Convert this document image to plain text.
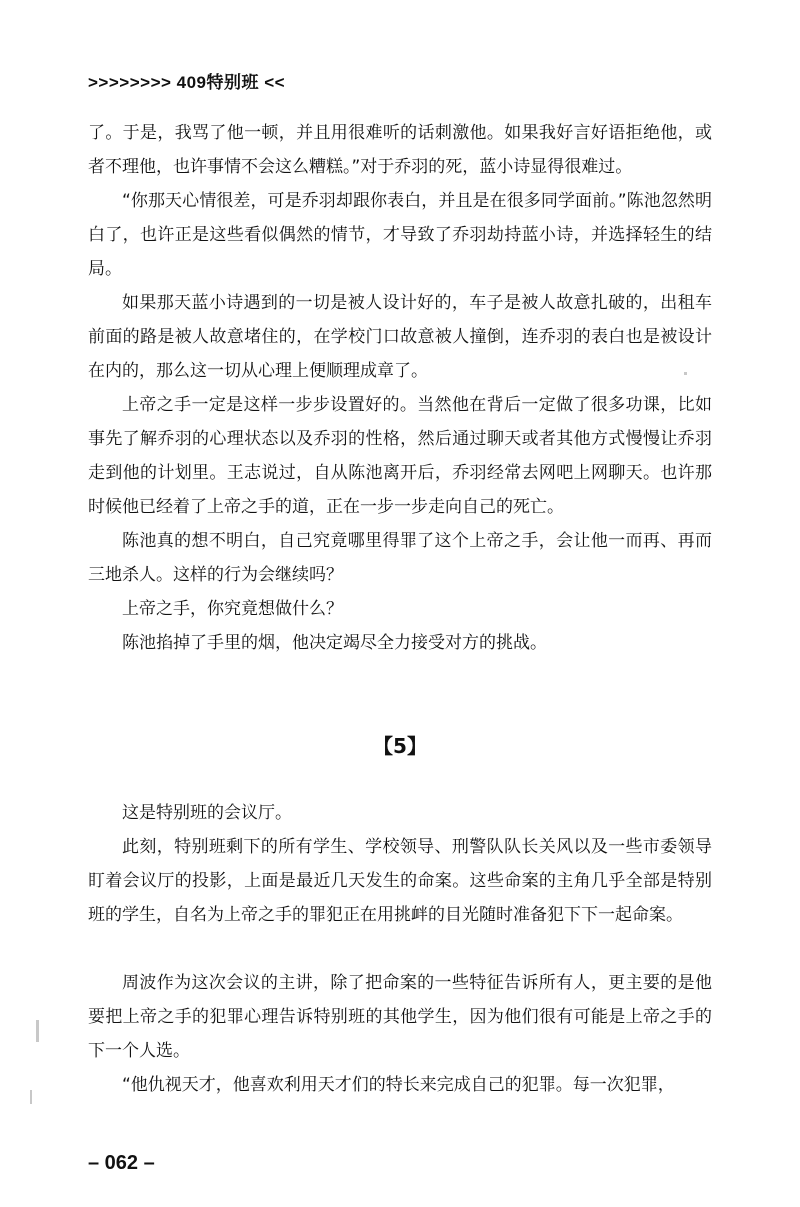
>>>>>>>> 409特别班 <<
了。于是，我骂了他一顿，并且用很难听的话刺激他。如果我好言好语拒绝他，或者不理他，也许事情不会这么糟糕。”对于乔羽的死，蓝小诗显得很难过。
“你那天心情很差，可是乔羽却跟你表白，并且是在很多同学面前。”陈池忽然明白了，也许正是这些看似偶然的情节，才导致了乔羽劫持蓝小诗，并选择轻生的结局。
如果那天蓝小诗遇到的一切是被人设计好的，车子是被人故意扎破的，出租车前面的路是被人故意堵住的，在学校门口故意被人撞倒，连乔羽的表白也是被设计在内的，那么这一切从心理上便顺理成章了。
上帝之手一定是这样一步步设置好的。当然他在背后一定做了很多功课，比如事先了解乔羽的心理状态以及乔羽的性格，然后通过聊天或者其他方式慢慢让乔羽走到他的计划里。王志说过，自从陈池离开后，乔羽经常去网吧上网聊天。也许那时候他已经着了上帝之手的道，正在一步一步走向自己的死亡。
陈池真的想不明白，自己究竟哪里得罪了这个上帝之手，会让他一而再、再而三地杀人。这样的行为会继续吗？
上帝之手，你究竟想做什么？
陈池掐掉了手里的烟，他决定竭尽全力接受对方的挑战。
【5】
这是特别班的会议厅。
此刻，特别班剩下的所有学生、学校领导、刑警队队长关风以及一些市委领导盯着会议厅的投影，上面是最近几天发生的命案。这些命案的主角几乎全部是特别班的学生，自名为上帝之手的罪犯正在用挑衅的目光随时准备犯下下一起命案。
周波作为这次会议的主讲，除了把命案的一些特征告诉所有人，更主要的是他要把上帝之手的犯罪心理告诉特别班的其他学生，因为他们很有可能是上帝之手的下一个人选。
“他仇视天才，他喜欢利用天才们的特长来完成自己的犯罪。每一次犯罪，
– 062 –
